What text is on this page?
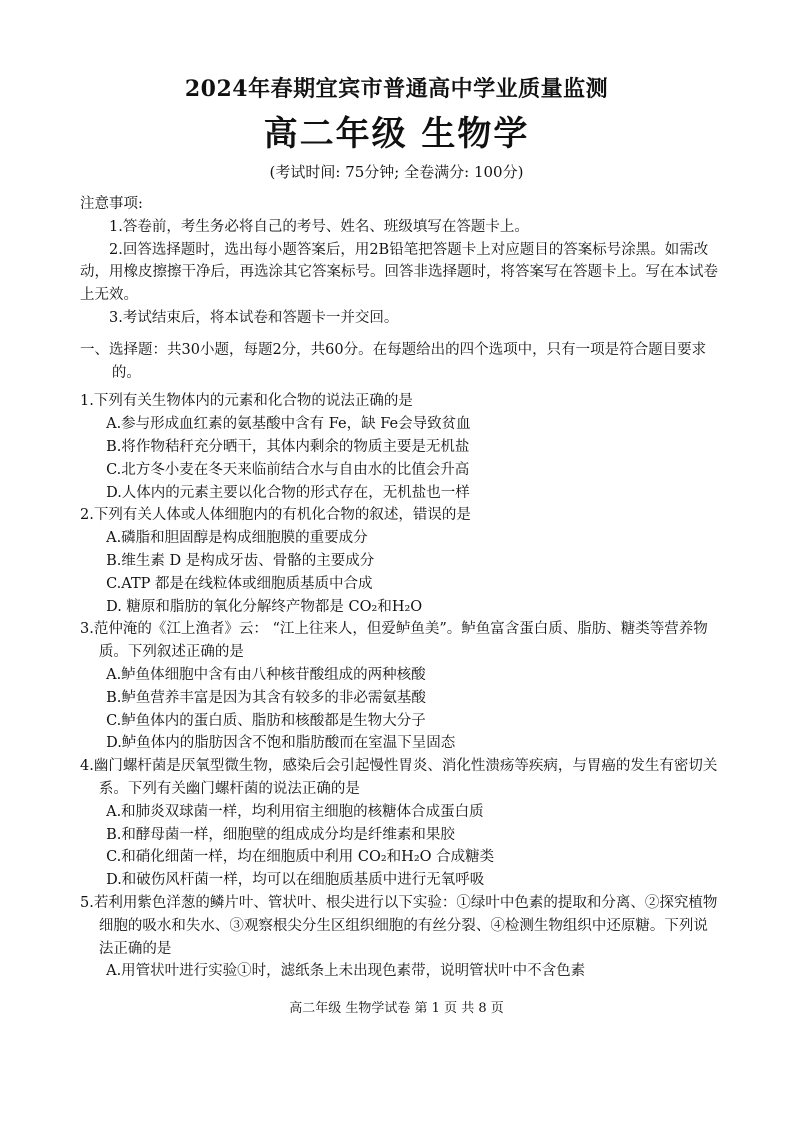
2024年春期宜宾市普通高中学业质量监测
高二年级 生物学
(考试时间: 75分钟; 全卷满分: 100分)

注意事项:

1.答卷前，考生务必将自己的考号、姓名、班级填写在答题卡上。

2.回答选择题时，选出每小题答案后，用2B铅笔把答题卡上对应题目的答案标号涂黑。如需改动，用橡皮擦擦干净后，再选涂其它答案标号。回答非选择题时，将答案写在答题卡上。写在本试卷上无效。

3.考试结束后，将本试卷和答题卡一并交回。

一、选择题：共30小题，每题2分，共60分。在每题给出的四个选项中，只有一项是符合题目要求的。

1.下列有关生物体内的元素和化合物的说法正确的是

A.参与形成血红素的氨基酸中含有 Fe，缺 Fe会导致贫血

B.将作物秸秆充分晒干，其体内剩余的物质主要是无机盐

C.北方冬小麦在冬天来临前结合水与自由水的比值会升高

D.人体内的元素主要以化合物的形式存在，无机盐也一样

2.下列有关人体或人体细胞内的有机化合物的叙述，错误的是

A.磷脂和胆固醇是构成细胞膜的重要成分

B.维生素 D 是构成牙齿、骨骼的主要成分

C.ATP 都是在线粒体或细胞质基质中合成

D. 糖原和脂肪的氧化分解终产物都是 CO₂和H₂O

3.范仲淹的《江上渔者》云： “江上往来人，但爱鲈鱼美”。鲈鱼富含蛋白质、脂肪、糖类等营养物质。下列叙述正确的是

A.鲈鱼体细胞中含有由八种核苷酸组成的两种核酸

B.鲈鱼营养丰富是因为其含有较多的非必需氨基酸

C.鲈鱼体内的蛋白质、脂肪和核酸都是生物大分子

D.鲈鱼体内的脂肪因含不饱和脂肪酸而在室温下呈固态

4.幽门螺杆菌是厌氧型微生物，感染后会引起慢性胃炎、消化性溃疡等疾病，与胃癌的发生有密切关系。下列有关幽门螺杆菌的说法正确的是

A.和肺炎双球菌一样，均利用宿主细胞的核糖体合成蛋白质

B.和酵母菌一样，细胞壁的组成成分均是纤维素和果胶

C.和硝化细菌一样，均在细胞质中利用 CO₂和H₂O 合成糖类

D.和破伤风杆菌一样，均可以在细胞质基质中进行无氧呼吸

5.若利用紫色洋葱的鳞片叶、管状叶、根尖进行以下实验：①绿叶中色素的提取和分离、②探究植物细胞的吸水和失水、③观察根尖分生区组织细胞的有丝分裂、④检测生物组织中还原糖。下列说法正确的是

A.用管状叶进行实验①时，滤纸条上未出现色素带，说明管状叶中不含色素

高二年级 生物学试卷 第 1 页 共 8 页
